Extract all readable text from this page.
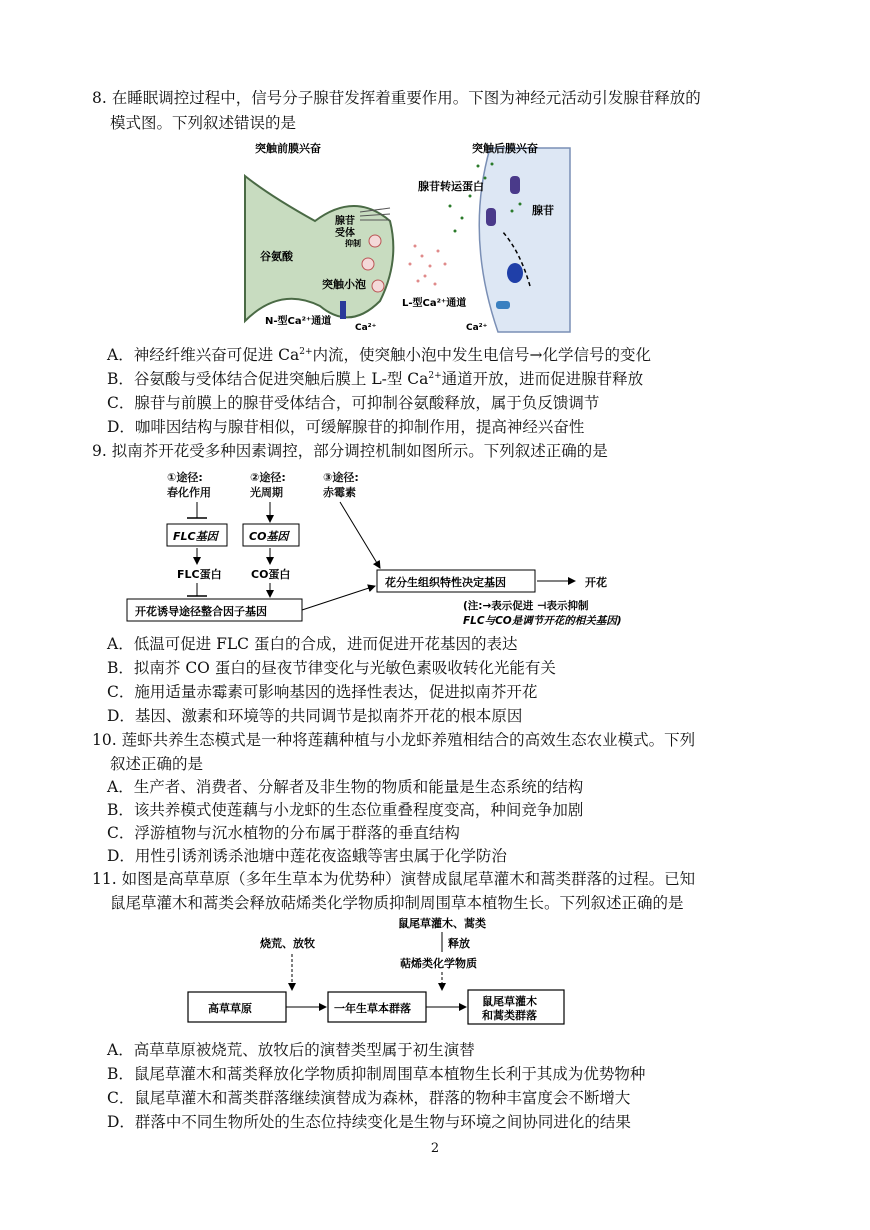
8. 在睡眠调控过程中，信号分子腺苷发挥着重要作用。下图为神经元活动引发腺苷释放的
模式图。下列叙述错误的是
突触前膜兴奋	突触后膜兴奋
腺苷转运蛋白
腺苷
腺苷
受体
抑制
谷氨酸
突触小泡
N-型Ca²⁺通道
Ca²⁺
L-型Ca²⁺通道
Ca²⁺
A．神经纤维兴奋可促进 $Ca^{2+}$内流，使突触小泡中发生电信号→化学信号的变化
B．谷氨酸与受体结合促进突触后膜上 L-型 $Ca^{2+}$通道开放，进而促进腺苷释放
C．腺苷与前膜上的腺苷受体结合，可抑制谷氨酸释放，属于负反馈调节
D．咖啡因结构与腺苷相似，可缓解腺苷的抑制作用，提高神经兴奋性
9. 拟南芥开花受多种因素调控，部分调控机制如图所示。下列叙述正确的是
①途径:
春化作用
②途径:
光周期
③途径:
赤霉素
FLC基因	CO基因
FLC蛋白	CO蛋白
开花诱导途径整合因子基因
花分生组织特性决定基因	开花
(注:→表示促进 ⊣表示抑制
FLC与CO是调节开花的相关基因)
A．低温可促进 FLC 蛋白的合成，进而促进开花基因的表达
B．拟南芥 CO 蛋白的昼夜节律变化与光敏色素吸收转化光能有关
C．施用适量赤霉素可影响基因的选择性表达，促进拟南芥开花
D．基因、激素和环境等的共同调节是拟南芥开花的根本原因
10. 莲虾共养生态模式是一种将莲藕种植与小龙虾养殖相结合的高效生态农业模式。下列
叙述正确的是
A．生产者、消费者、分解者及非生物的物质和能量是生态系统的结构
B．该共养模式使莲藕与小龙虾的生态位重叠程度变高，种间竞争加剧
C．浮游植物与沉水植物的分布属于群落的垂直结构
D．用性引诱剂诱杀池塘中莲花夜盗蛾等害虫属于化学防治
11. 如图是高草草原（多年生草本为优势种）演替成鼠尾草灌木和蒿类群落的过程。已知
鼠尾草灌木和蒿类会释放萜烯类化学物质抑制周围草本植物生长。下列叙述正确的是
鼠尾草灌木、蒿类
烧荒、放牧	释放
萜烯类化学物质
高草草原	一年生草本群落
鼠尾草灌木
和蒿类群落
A．高草草原被烧荒、放牧后的演替类型属于初生演替
B．鼠尾草灌木和蒿类释放化学物质抑制周围草本植物生长利于其成为优势物种
C．鼠尾草灌木和蒿类群落继续演替成为森林，群落的物种丰富度会不断增大
D．群落中不同生物所处的生态位持续变化是生物与环境之间协同进化的结果
2
